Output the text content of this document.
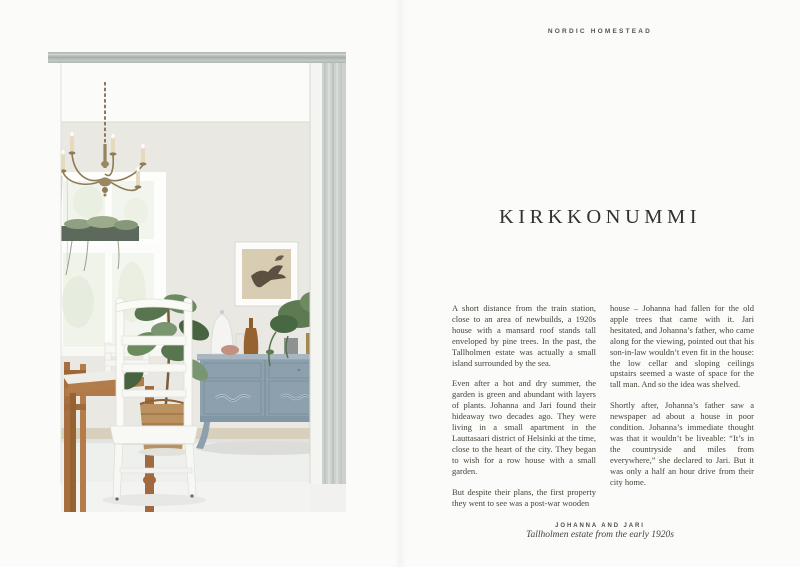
NORDIC HOMESTEAD
KIRKKONUMMI

A short distance from the train station, close to an area of newbuilds, a 1920s house with a mansard roof stands tall enveloped by pine trees. In the past, the Tallholmen estate was actually a small island surrounded by the sea.

Even after a hot and dry summer, the garden is green and abundant with layers of plants. Johanna and Jari found their hideaway two decades ago. They were living in a small apartment in the Lauttasaari district of Helsinki at the time, close to the heart of the city. They began to wish for a row house with a small garden.

But despite their plans, the first property they went to see was a post-war wooden

house – Johanna had fallen for the old apple trees that came with it. Jari hesitated, and Johanna’s father, who came along for the viewing, pointed out that his son-in-law wouldn’t even fit in the house: the low cellar and sloping ceilings upstairs seemed a waste of space for the tall man. And so the idea was shelved.

Shortly after, Johanna’s father saw a newspaper ad about a house in poor condition. Johanna’s immediate thought was that it wouldn’t be liveable: “It’s in the countryside and miles from everywhere,” she declared to Jari. But it was only a half an hour drive from their city home.

JOHANNA AND JARI
Tallholmen estate from the early 1920s
